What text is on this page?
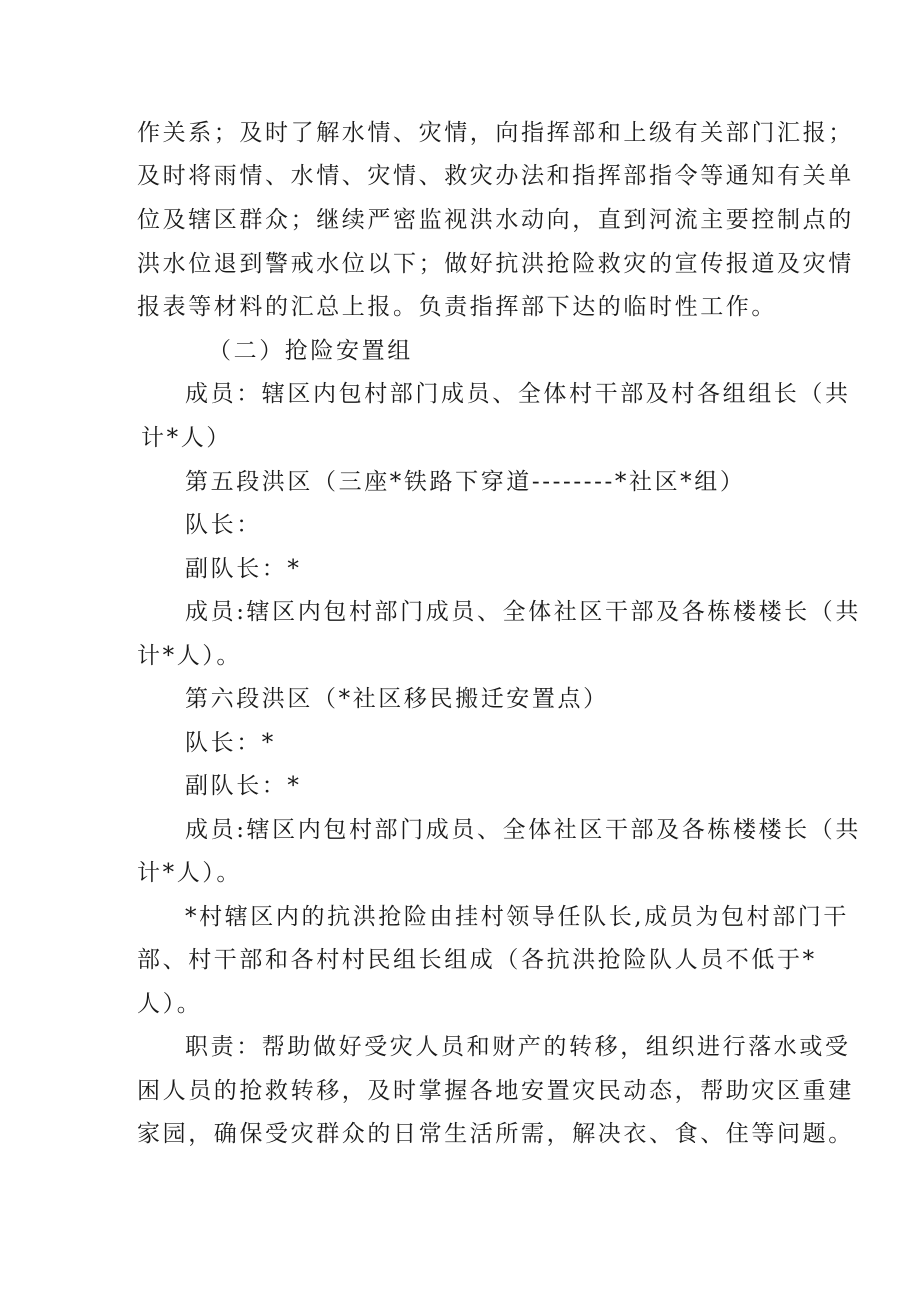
作关系；及时了解水情、灾情，向指挥部和上级有关部门汇报；
及时将雨情、水情、灾情、救灾办法和指挥部指令等通知有关单
位及辖区群众；继续严密监视洪水动向，直到河流主要控制点的
洪水位退到警戒水位以下；做好抗洪抢险救灾的宣传报道及灾情
报表等材料的汇总上报。负责指挥部下达的临时性工作。
（二）抢险安置组
成员：辖区内包村部门成员、全体村干部及村各组组长（共
计*人）
第五段洪区（三座*铁路下穿道--------*社区*组）
队长：
副队长：*
成员:辖区内包村部门成员、全体社区干部及各栋楼楼长（共
计*人）。
第六段洪区（*社区移民搬迁安置点）
队长：*
副队长：*
成员:辖区内包村部门成员、全体社区干部及各栋楼楼长（共
计*人）。
*村辖区内的抗洪抢险由挂村领导任队长,成员为包村部门干
部、村干部和各村村民组长组成（各抗洪抢险队人员不低于*
人）。
职责：帮助做好受灾人员和财产的转移，组织进行落水或受
困人员的抢救转移，及时掌握各地安置灾民动态，帮助灾区重建
家园，确保受灾群众的日常生活所需，解决衣、食、住等问题。
